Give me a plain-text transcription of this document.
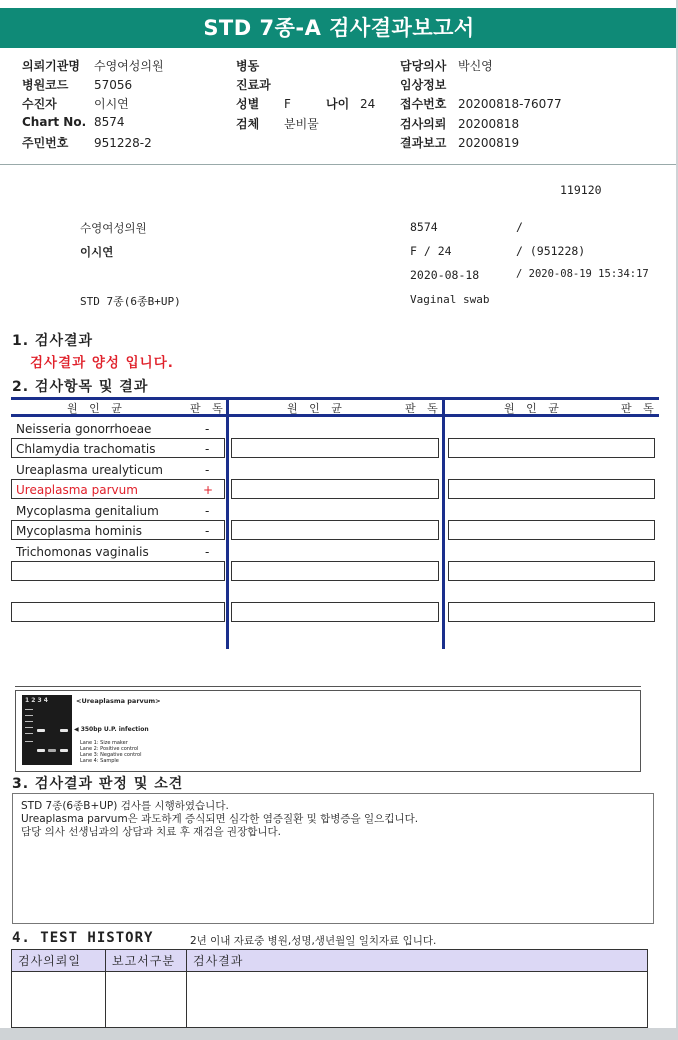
STD 7종-A 검사결과보고서
의뢰기관명 수영여성의원
병원코드 57056
수진자	이시연
Chart No. 8574
주민번호 951228-2
병동
진료과
성별 F	나이 24
검체 분비물
담당의사 박신영
임상정보
접수번호 20200818-76077
검사의뢰 20200818
결과보고 20200819
119120
수영여성의원	8574	/
이시연	F / 24	/ (951228)
2020-08-18	/ 2020-08-19 15:34:17
STD 7종(6종B+UP)	Vaginal swab
1. 검사결과
검사결과 양성 입니다.
2. 검사항목 및 결과
원 인 균	판 독	원 인 균	판 독	원 인 균	판 독
Neisseria gonorrhoeae	-
Chlamydia trachomatis	-
Ureaplasma urealyticum	-
Ureaplasma parvum	+
Mycoplasma genitalium	-
Mycoplasma hominis	-
Trichomonas vaginalis	-
1 2 3 4	<Ureaplasma parvum>
◀ 350bp U.P. infection
Lane 1: Size maker
Lane 2: Positive control
Lane 3: Negative control
Lane 4: Sample
3. 검사결과 판정 및 소견
STD 7종(6종B+UP) 검사를 시행하였습니다.
Ureaplasma parvum은 과도하게 증식되면 심각한 염증질환 및 합병증을 일으킵니다.
담당 의사 선생님과의 상담과 치료 후 재검을 권장합니다.
4. TEST HISTORY	2년 이내 자료중 병원,성명,생년월일 일치자료 입니다.
검사의뢰일	보고서구분	검사결과
